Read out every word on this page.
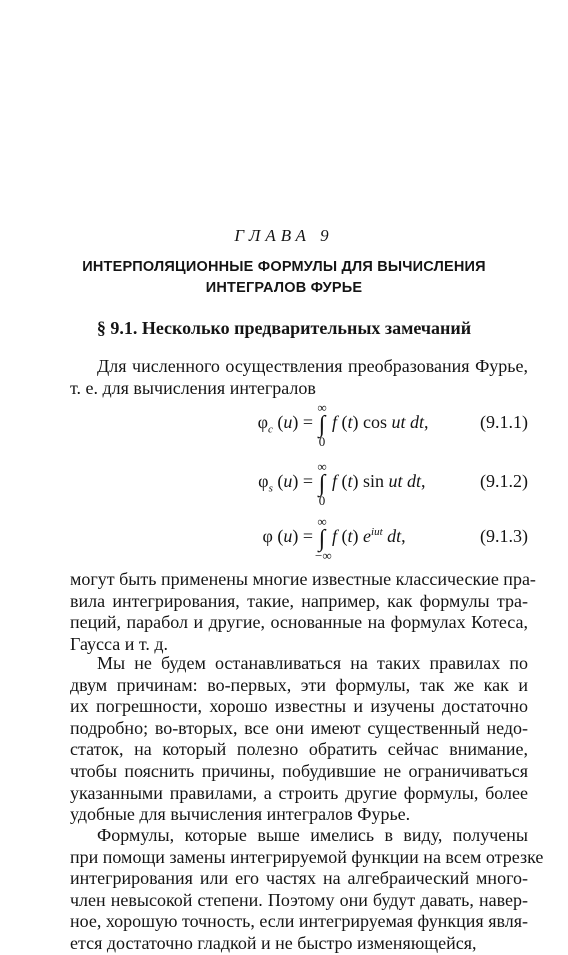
ГЛАВА 9
ИНТЕРПОЛЯЦИОННЫЕ ФОРМУЛЫ ДЛЯ ВЫЧИСЛЕНИЯ
ИНТЕГРАЛОВ ФУРЬЕ
§ 9.1. Несколько предварительных замечаний
Для численного осуществления преобразования Фурье,
т. е. для вычисления интегралов
$\varphi_c$ (u) =
∞
∫
0
f (t) cos ut dt,	(9.1.1)
$\varphi_s$ (u) =
∞
∫
0
f (t) sin ut dt,	(9.1.2)
φ (u) =
∞
∫
−∞
f (t) $e^{iut}$ dt,	(9.1.3)
могут быть применены многие известные классические пра-
вила интегрирования, такие, например, как формулы тра-
пеций, парабол и другие, основанные на формулах Котеса,
Гаусса и т. д.
Мы не будем останавливаться на таких правилах по
двум причинам: во-первых, эти формулы, так же как и
их погрешности, хорошо известны и изучены достаточно
подробно; во-вторых, все они имеют существенный недо-
статок, на который полезно обратить сейчас внимание,
чтобы пояснить причины, побудившие не ограничиваться
указанными правилами, а строить другие формулы, более
удобные для вычисления интегралов Фурье.
Формулы, которые выше имелись в виду, получены
при помощи замены интегрируемой функции на всем отрезке
интегрирования или его частях на алгебраический много-
член невысокой степени. Поэтому они будут давать, навер-
ное, хорошую точность, если интегрируемая функция явля-
ется достаточно гладкой и не быстро изменяющейся,
